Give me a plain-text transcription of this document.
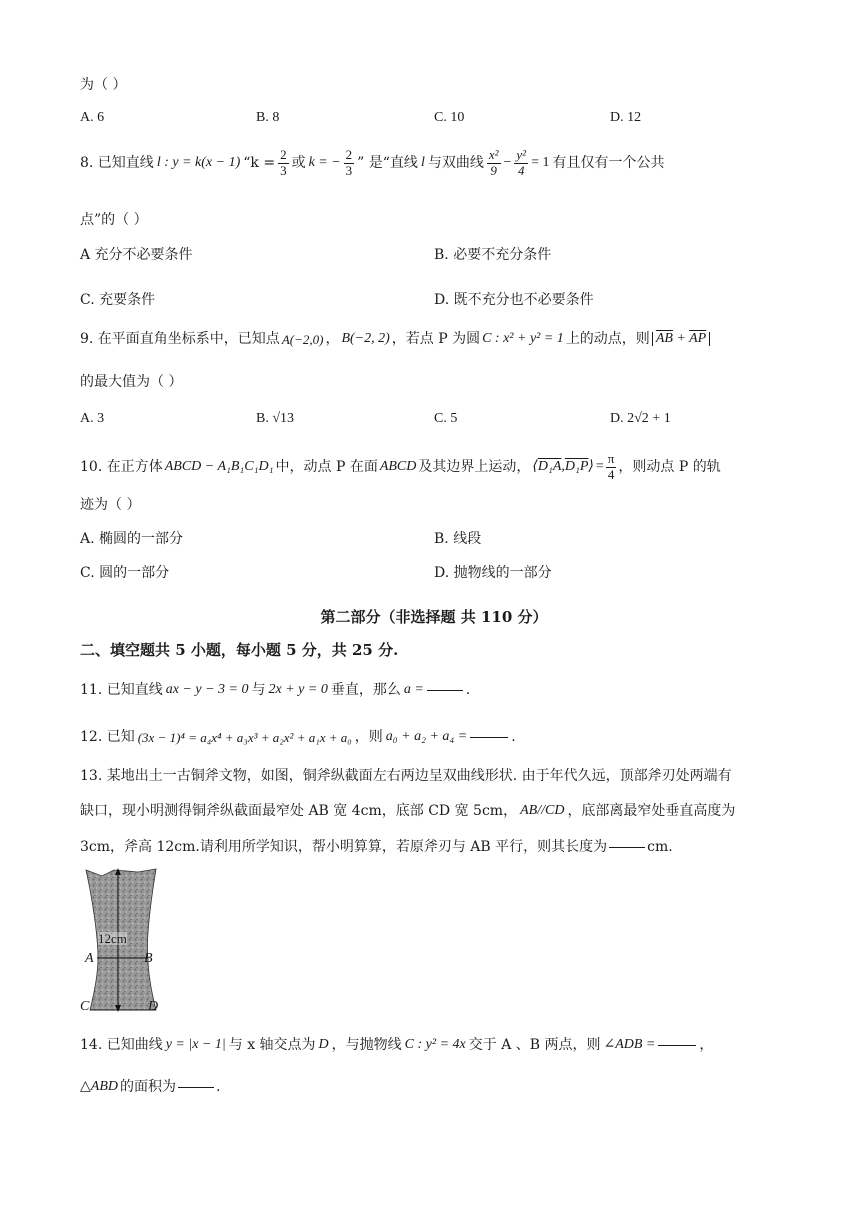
为（ ）
A. 6	B. 8	C. 10	D. 12
8. 已知直线 l : y = k(x − 1) “$k = \frac{2}{3}$ 或 k = − $\frac{2}{3}$ ” 是“直线 l 与双曲线 $\frac{\text{x²}}{9} - \frac{\text{y²}}{4} = 1$ 有且仅有一个公共
点”的（ ）
A 充分不必要条件	B. 必要不充分条件
C. 充要条件	D. 既不充分也不必要条件
9. 在平面直角坐标系中，已知点 A(−2,0) ， B(−2, 2) ，若点 P 为圆 C : x² + y² = 1 上的动点，则 $\overline{AB} + \overline{AP}$
的最大值为（ ）
A. 3	B. √13	C. 5	D. 2√2 + 1
10. 在正方体 ABCD − A₁B₁C₁D₁ 中，动点 P 在面 ABCD 及其边界上运动， ⟨D₁A,D₁P⟩ = $\frac{\pi}{4}$ ，则动点 P 的轨
迹为（ ）
A. 椭圆的一部分	B. 线段
C. 圆的一部分	D. 抛物线的一部分
第二部分（非选择题 共 110 分）
二、填空题共 5 小题，每小题 5 分，共 25 分.
11. 已知直线 ax − y − 3 = 0 与 2x + y = 0 垂直，那么 a =	.
12. 已知 (3x − 1)⁴ = a₄x⁴ + a₃x³ + a₂x² + a₁x + a₀ ，则 a₀ + a₂ + a₄ =	.
13. 某地出土一古铜斧文物，如图，铜斧纵截面左右两边呈双曲线形状. 由于年代久远，顶部斧刃处两端有
缺口，现小明测得铜斧纵截面最窄处 AB 宽 4cm，底部 CD 宽 5cm， AB//CD ，底部离最窄处垂直高度为
3cm，斧高 12cm.请利用所学知识，帮小明算算，若原斧刃与 AB 平行，则其长度为	cm.
12cm
A	B
C	D
14. 已知曲线 y = |x − 1| 与 x 轴交点为 D ，与抛物线 C : y² = 4x 交于 A 、B 两点，则 ∠ADB =	，
△ABD 的面积为	.
